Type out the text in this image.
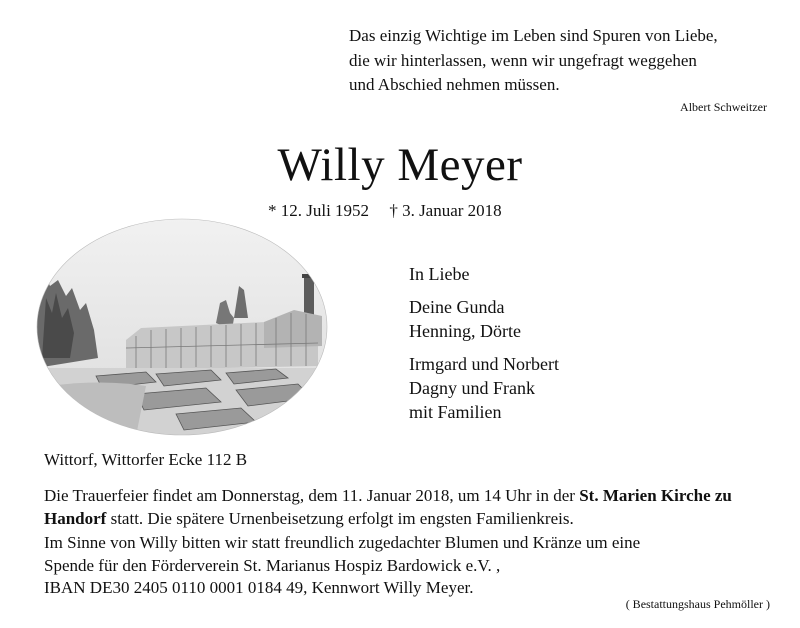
Das einzig Wichtige im Leben sind Spuren von Liebe,
die wir hinterlassen, wenn wir ungefragt weggehen
und Abschied nehmen müssen.
Albert Schweitzer
Willy Meyer
* 12. Juli 1952 † 3. Januar 2018
In Liebe
Deine Gunda
Henning, Dörte
Irmgard und Norbert
Dagny und Frank
mit Familien
Wittorf, Wittorfer Ecke 112 B
Die Trauerfeier findet am Donnerstag, dem 11. Januar 2018, um 14 Uhr in der St. Marien Kirche zu Handorf statt. Die spätere Urnenbeisetzung erfolgt im engsten Familienkreis.
Im Sinne von Willy bitten wir statt freundlich zugedachter Blumen und Kränze um eine
Spende für den Förderverein St. Marianus Hospiz Bardowick e.V. ,
IBAN DE30 2405 0110 0001 0184 49, Kennwort Willy Meyer.
( Bestattungshaus Pehmöller )
